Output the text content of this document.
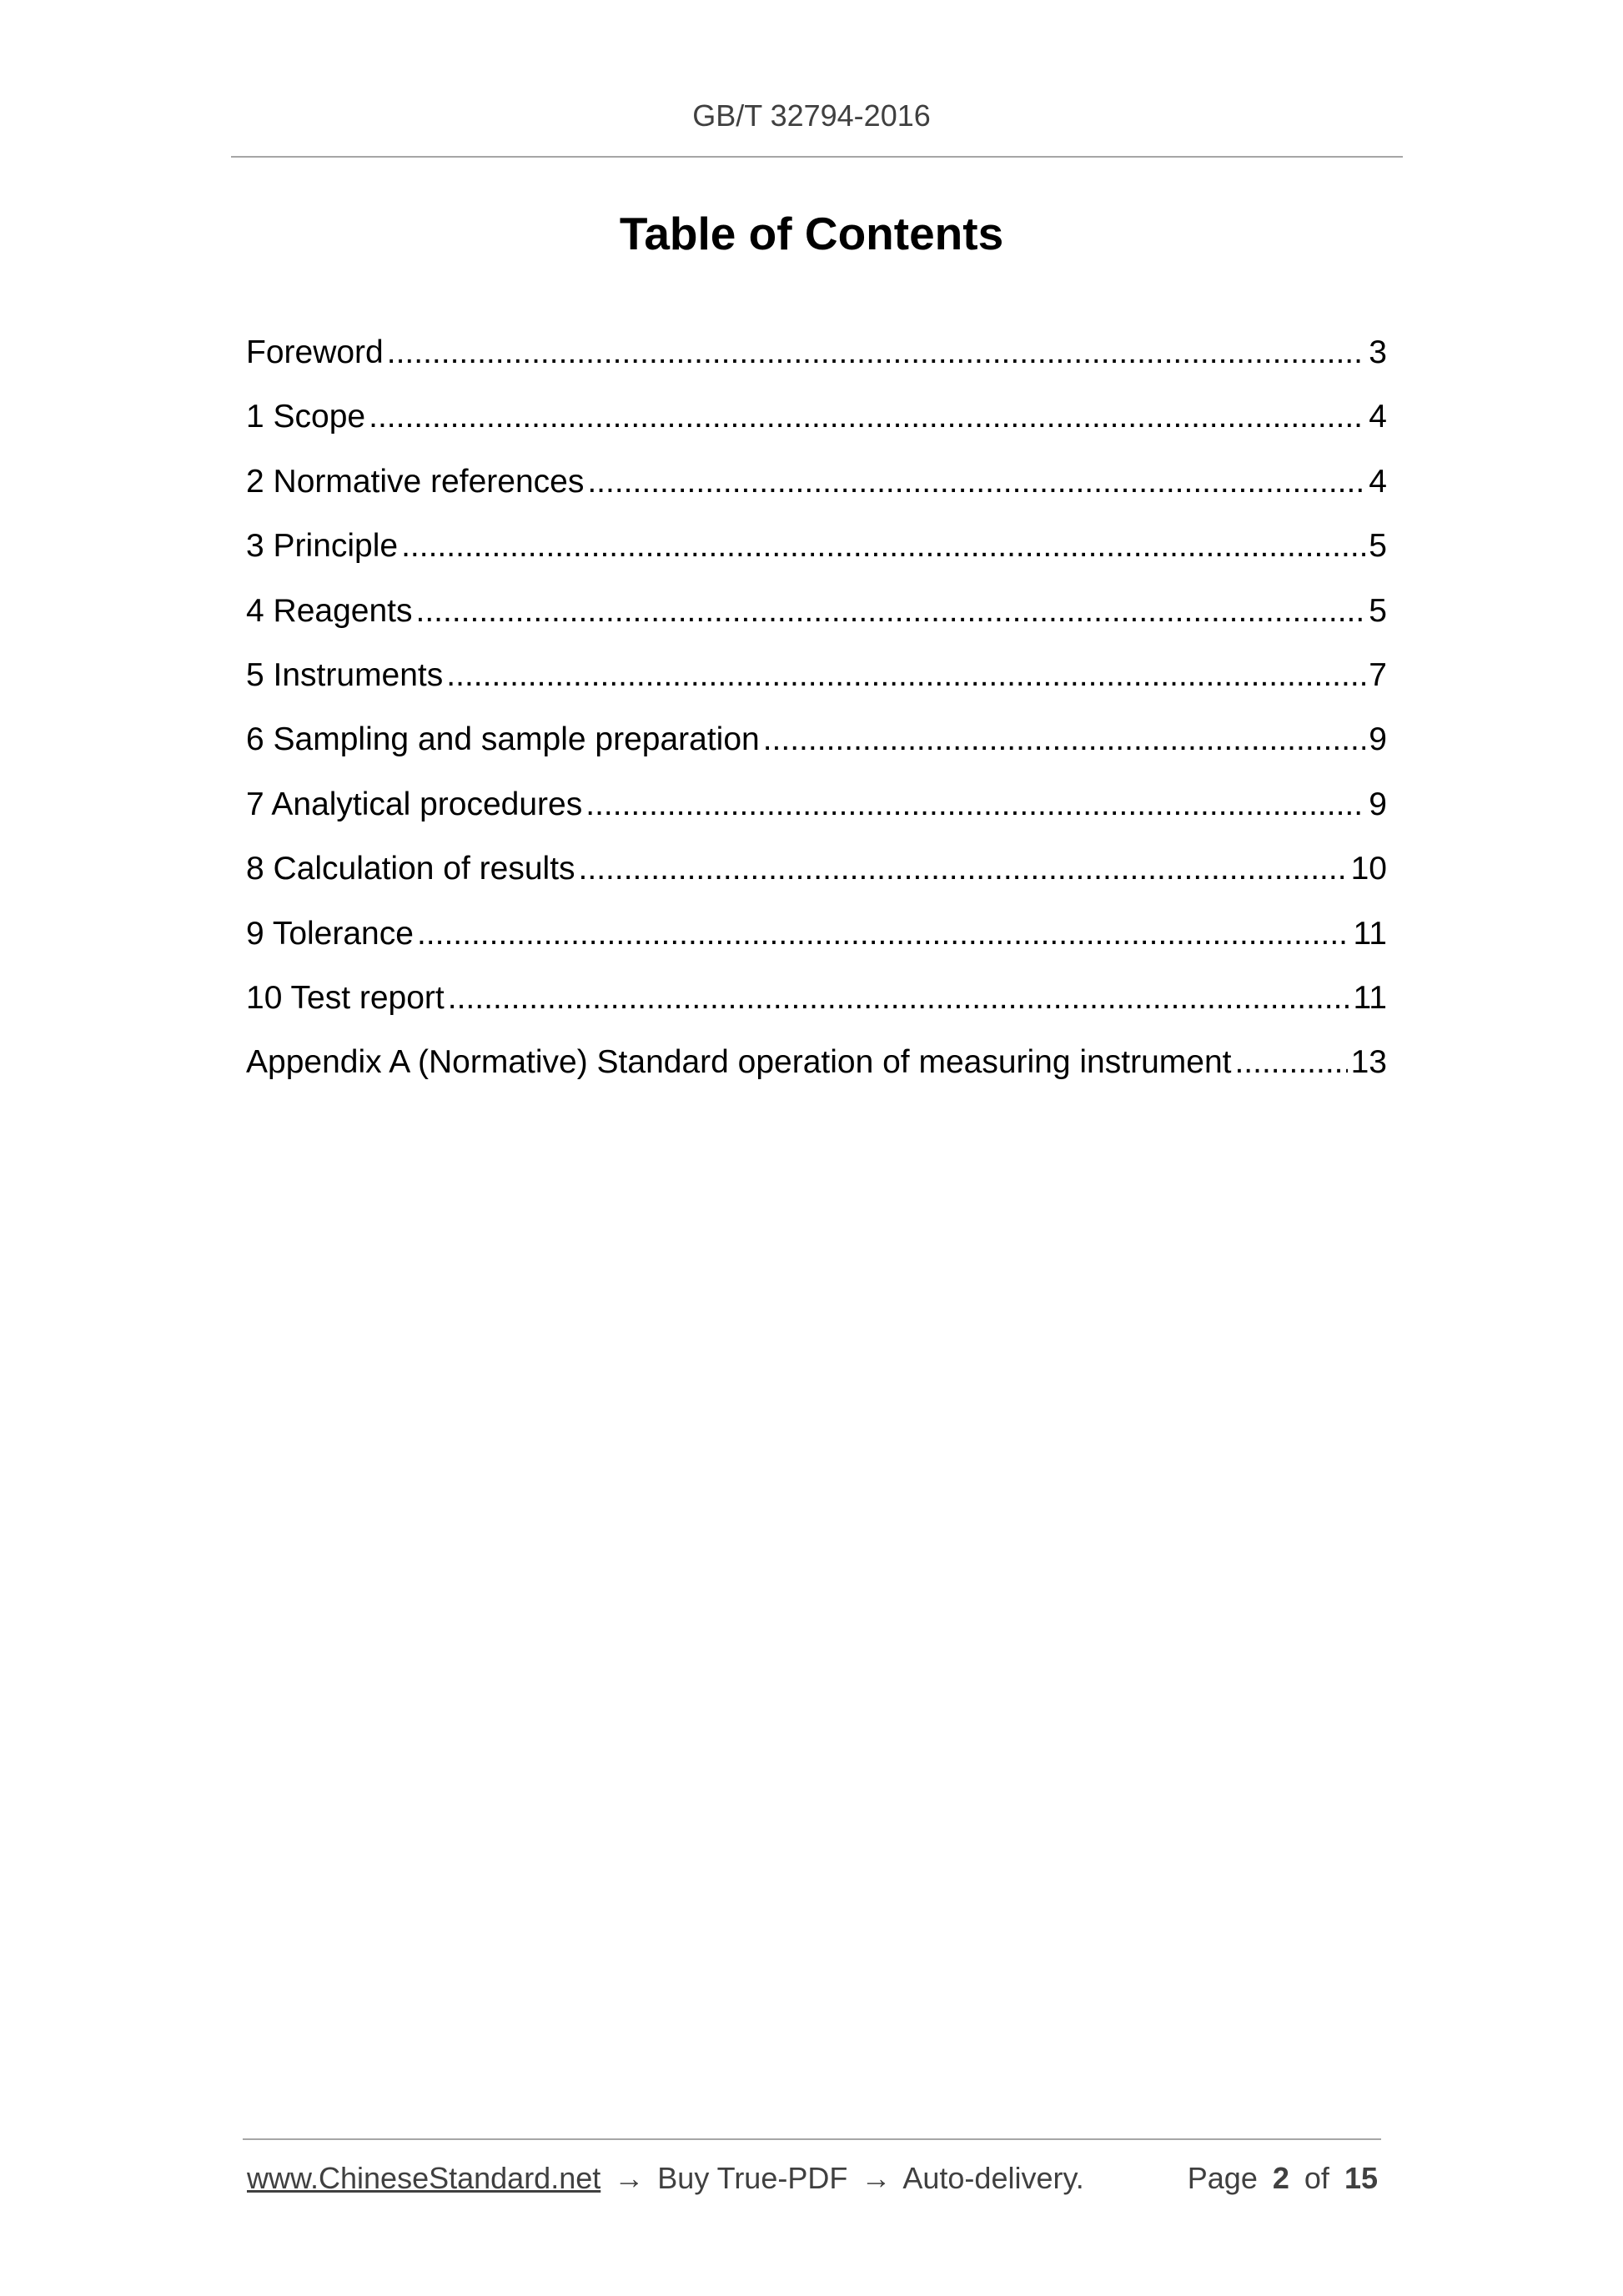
GB/T 32794-2016
Table of Contents
Foreword .....	3
1 Scope .....	4
2 Normative references .....	4
3 Principle .....	5
4 Reagents .....	5
5 Instruments .....	7
6 Sampling and sample preparation .....	9
7 Analytical procedures .....	9
8 Calculation of results .....	10
9 Tolerance .....	11
10 Test report .....	11
Appendix A (Normative) Standard operation of measuring instrument .....	13
www.ChineseStandard.net → Buy True-PDF → Auto-delivery.	Page 2 of 15
